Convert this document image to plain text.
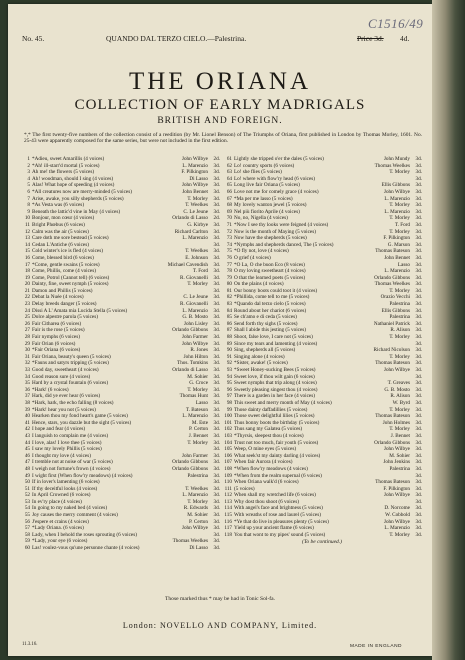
C1516/49
No. 45.	QUANDO DAL TERZO CIELO.—Palestrina.	Price 3d. 4d.
THE ORIANA
COLLECTION OF EARLY MADRIGALS
BRITISH AND FOREIGN.
*,* The first twenty-five numbers of the collection consist of a reedition (by Mr. Lionel Benson) of The Triumphs of Oriana, first published in London by Thomas Morley, 1601. No. 25-43 were apparently composed for the same series, but were not included in the first edition.
1 *Adieu, sweet Amarillis (4 voices)	John Wilbye	2d.
2 *Ah! ill-starr'd mortal (5 voices)	L. Marenzio	3d.
3 Ah me! the flowers (5 voices)	F. Pilkington	3d.
4 Ah! woodman, should I sing (4 voices)	Di Lasso	3d.
5 Alas! What hope of speeding (4 voices)	John Wilbye	3d.
6 *All creatures now are merry-minded (5 voices)	John Bennet	3d.
7 Arise, awake, you silly shepherds (5 voices)	T. Morley	3d.
8 *As Vesta was (6 voices)	T. Weelkes	3d.
9 Beneath the lattic'd vine in May (4 voices)	C. Le Jeune	3d.
10 Bonjour, mon cœur (4 voices)	Orlando di Lasso	2d.
11 Bright Phœbus (6 voices)	G. Kirbye	3d.
12 Calm was the air (5 voices)	Richard Carlton	3d.
13 Care doth me sore bestead (5 voices)	L. Marenzio	3d.
14 Cedan L'Antiche (6 voices)	3d.
15 Cold winter's ice is fled (4 voices)	T. Weelkes	3d.
16 Come, blessed bird (6 voices)	E. Johnson	3d.
17 *Come, gentle swains (5 voices)	Michael Cavendish	3d.
18 Come, Phillis, come (4 voices)	T. Ford	3d.
19 Come, Potrol (Cannot tell) (6 voices)	R. Giovanelli	3d.
20 Dainty, fine, sweet nymph (5 voices)	T. Morley	3d.
21 Damon and Phillis (5 voices)	3d.
22 Debat la Nuée (4 voices)	C. Le Jeune	3d.
23 Delay breeds danger (5 voices)	R. Giovanelli	3d.
24 Dissi A L' Amata mia Lucida Stella (5 voices)	L. Marenzio	3d.
25 Dolce alpestre parola (5 voices)	G. B. Mosto	3d.
26 Fair Citharea (6 voices)	John Lisley	3d.
27 Fair is the rose (5 voices)	Orlando Gibbons	3d.
28 Fair nymphs (6 voices)	John Farmer	3d.
29 Fair Orian (6 voices)	John Wilbye	3d.
30 *Fair Oriana (6 voices)	R. Jones	3d.
31 Fair Oriana, beauty's queen (5 voices)	John Hilton	3d.
32 *Fauns and satyrs tripping (5 voices)	Thos. Tomkins	3d.
33 Good day, sweetheart (4 voices)	Orlando di Lasso	3d.
34 Good reason sure (4 voices)	M. Sohier	3d.
35 Hard by a crystal fountain (6 voices)	G. Croce	3d.
36 *Hark! (6 voices)	T. Morley	3d.
37 Hark, did ye ever hear (6 voices)	Thomas Hunt	3d.
38 *Hark, hark, the echo falling (8 voices)	Lasso	3d.
39 *Hark! hear you not (5 voices)	T. Bateson	3d.
40 Hearken thou my fond heart's game (5 voices)	L. Marenzio	3d.
41 Hence, stars, you dazzle but the sight (5 voices)	M. Este	3d.
42 I hope and fear (4 voices)	P. Certon	3d.
43 I languish to complain me (4 voices)	J. Bennet	3d.
44 I love, alas! I love thee (5 voices)	T. Morley	3d.
45 I saw my lovely Phillis (5 voices)	3d.
46 I thought my love (4 voices)	John Farmer	3d.
47 I tremble not at noise of war (5 voices)	Orlando Gibbons	3d.
48 I weigh not fortune's frown (4 voices)	Orlando Gibbons	3d.
49 I wight first (When flow'ry meadows) (4 voices)	Palestrina	3d.
50 If in lover's lamenting (6 voices)	3d.
51 If thy deceitful looks (4 voices)	T. Weelkes	3d.
52 In April Crowned (6 voices)	L. Marenzio	3d.
53 In ev'ry place (4 voices)	T. Morley	3d.
54 In going to my naked bed (4 voices)	R. Edwards	3d.
55 Joy causes the merry comment (4 voices)	M. Sohier	3d.
56 J'espere et crains (4 voices)	P. Certon	3d.
57 *Lady Oriana. (6 voices)	John Wilbye	3d.
58 Lady, when I behold the roses sprouting (6 voices)	3d.
59 *Lady, your eye (6 voices)	Thomas Weelkes	3d.
60 Las! voulez-vous qu'une personne chante (4 voices)	Di Lasso	3d.
61 Lightly she tripped o'er the dales (5 voices)	John Mundy	3d.
62 Lo! country sports (6 voices)	Thomas Weelkes	3d.
63 Lo! she flies (5 voices)	T. Morley	3d.
64 Lo! where with flow'ry head (6 voices)	3d.
65 Long live fair Oriana (5 voices)	Ellis Gibbons	3d.
66 Love not me for comely grace (4 voices)	John Wilbye	3d.
67 *Ma per me lasso (5 voices)	L. Marenzio	3d.
68 My lovely wanton jewel (5 voices)	T. Morley	3d.
69 Nel più fiorito Aprile (4 voices)	L. Marenzio	3d.
70 No, no, Nigella (4 voices)	T. Morley	3d.
71 *Now I see thy looks were feigned (4 voices)	T. Ford	3d.
72 Now is the month of Maying (5 voices)	T. Morley	3d.
73 Now have the shepherds (5 voices)	F. Pilkington	3d.
74 *Nymphs and shepherds danced, The (5 voices)	G. Marson	3d.
75 *O fly not, love (4 voices)	Thomas Bateson	3d.
76 O grief (4 voices)	John Bennet	3d.
77 *O La, O che buon Eco (8 voices)	Lasso	3d.
78 O my loving sweetheart (4 voices)	L. Marenzio	3d.
79 O that the learned poets (5 voices)	Orlando Gibbons	3d.
80 On the plains (4 voices)	Thomas Weelkes	3d.
81 Our bonny boots could toot it (4 voices)	T. Morley	3d.
82 *Phillida, come tell to me (5 voices)	Orazio Vecchi	3d.
83 *Quando dal terzo cielo (5 voices)	Palestrina	3d.
84 Round about her chariot (6 voices)	Ellis Gibbons	3d.
85 Se ch'amo e di ceda (5 voices)	Palestrina	3d.
86 Send forth thy sighs (5 voices)	Nathaniel Patrick	3d.
87 Shall I abide this jesting (5 voices)	R. Alison	3d.
88 Shoot, false love, I care not (5 voices)	T. Morley	3d.
89 Since my tears and lamenting (4 voices)	3d.
90 Sing, shepherds all (5 voices)	Richard Nicolson	3d.
91 Singing alone (4 voices)	T. Morley	3d.
92 *Sister, awake! (5 voices)	Thomas Bateson	3d.
93 *Sweet Honey-sucking Bees (5 voices)	John Wilbye	3d.
94 Sweet love, if thou wilt gain (6 voices)	3d.
95 Sweet nymphs that trip along (4 voices)	T. Greaves	3d.
96 Sweetly pleasing singest thou (4 voices)	G. B. Mosto	3d.
97 There is a garden in her face (4 voices)	R. Alison	3d.
98 This sweet and merry month of May (4 voices)	W. Byrd	3d.
99 Those dainty daffadillies (5 voices)	T. Morley	3d.
100 Those sweet delightful lilies (5 voices)	Thomas Bateson	3d.
101 Thus bonny boots the birthday (5 voices)	John Holmes	3d.
102 Thus sang my Galatea (5 voices)	T. Morley	3d.
103 *Thyrsis, sleepest thou (4 voices)	J. Bennet	3d.
104 Trust not too much, fair youth (5 voices)	Orlando Gibbons	3d.
105 Weep, O mine eyes (5 voices)	John Wilbye	3d.
106 What seek'st my dainty darling (4 voices)	M. Sohier	3d.
107 When fair Aurora (4 voices)	John Jenkins	3d.
108 *When flow'ry meadows (4 voices)	Palestrina	3d.
109 *When from the realm supernal (6 voices)	3d.
110 When Oriana walk'd (6 voices)	Thomas Bateson	3d.
111 (5 voices)	F. Pilkington	3d.
112 When shall my wretched life (6 voices)	John Wilbye	3d.
113 Why dost thou shoot (6 voices)	3d.
114 With angel's face and brightness (5 voices)	D. Norcome	3d.
115 With wreaths of rose and laurel (5 voices)	W. Cobbold	3d.
116 *Ye that do live in pleasures plenty (5 voices)	John Wilbye	3d.
117 Yield up your ancient flame (6 voices)	L. Marenzio	3d.
118 You that wont to my pipes' sound (5 voices)	T. Morley	3d.
(To be continued.)
Those marked thus * may be had in Tonic Sol-fa.
London: NOVELLO AND COMPANY, Limited.
11.3.16.	MADE IN ENGLAND
